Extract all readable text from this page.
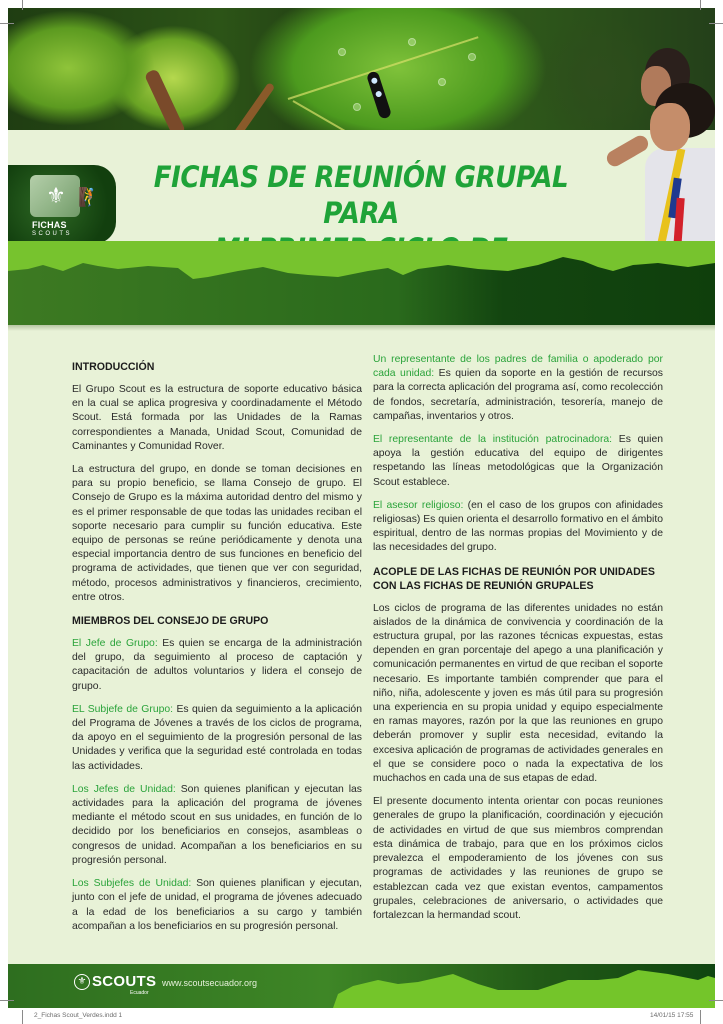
⚜ 🧗
FICHAS
SCOUTS
FICHAS DE REUNIÓN GRUPAL PARA
INTRODUCCIÓN

El Grupo Scout es la estructura de soporte educativo básica en la cual se aplica progresiva y coordinadamente el Método Scout. Está formada por las Unidades de la Ramas correspondientes a Manada, Unidad Scout, Comunidad de Caminantes y Comunidad Rover.

La estructura del grupo, en donde se toman decisiones en para su propio beneficio, se llama Consejo de grupo. El Consejo de Grupo es la máxima autoridad dentro del mismo y es el primer responsable de que todas las unidades reciban el soporte necesario para cumplir su función educativa. Este equipo de personas se reúne periódicamente y denota una especial importancia dentro de sus funciones en beneficio del programa de actividades, que tienen que ver con seguridad, método, procesos administrativos y financieros, crecimiento, entre otros.

MIEMBROS DEL CONSEJO DE GRUPO

El Jefe de Grupo: Es quien se encarga de la administración del grupo, da seguimiento al proceso de captación y capacitación de adultos voluntarios y lidera el consejo de grupo.

EL Subjefe de Grupo: Es quien da seguimiento a la aplicación del Programa de Jóvenes a través de los ciclos de programa, da apoyo en el seguimiento de la progresión personal de las Unidades y verifica que la seguridad esté controlada en todas las actividades.

Los Jefes de Unidad: Son quienes planifican y ejecutan las actividades para la aplicación del programa de jóvenes mediante el método scout en sus unidades, en función de lo decidido por los beneficiarios en consejos, asambleas o congresos de unidad. Acompañan a los beneficiarios en su progresión personal.

Los Subjefes de Unidad: Son quienes planifican y ejecutan, junto con el jefe de unidad, el programa de jóvenes adecuado a la edad de los beneficiarios a su cargo y también acompañan a los beneficiarios en su progresión personal.

Un representante de los padres de familia o apoderado por cada unidad: Es quien da soporte en la gestión de recursos para la correcta aplicación del programa así, como recolección de fondos, secretaría, administración, tesorería, manejo de campañas, inventarios y otros.

El representante de la institución patrocinadora: Es quien apoya la gestión educativa del equipo de dirigentes respetando las líneas metodológicas que la Organización Scout establece.

El asesor religioso: (en el caso de los grupos con afinidades religiosas) Es quien orienta el desarrollo formativo en el ámbito espiritual, dentro de las normas propias del Movimiento y de las necesidades del grupo.

ACOPLE DE LAS FICHAS DE REUNIÓN POR UNIDADES CON LAS FICHAS DE REUNIÓN GRUPALES

Los ciclos de programa de las diferentes unidades no están aislados de la dinámica de convivencia y coordinación de la estructura grupal, por las razones técnicas expuestas, estas dependen en gran porcentaje del apego a una planificación y comunicación permanentes en virtud de que reciban el soporte necesario. Es importante también comprender que para el niño, niña, adolescente y joven es más útil para su progresión una experiencia en su propia unidad y equipo especialmente en ramas mayores, razón por la que las reuniones en grupo deberán promover y suplir esta necesidad, evitando la excesiva aplicación de programas de actividades generales en el que se considere poco o nada la expectativa de los muchachos en cada una de sus etapas de edad.

El presente documento intenta orientar con pocas reuniones generales de grupo la planificación, coordinación y ejecución de actividades en virtud de que sus miembros comprendan esta dinámica de trabajo, para que en los próximos ciclos prevalezca el empoderamiento de los jóvenes con sus programas de actividades y las reuniones de grupo se establezcan cada vez que existan eventos, campamentos grupales, celebraciones de aniversario, o actividades que fortalezcan la hermandad scout.

⚜ SCOUTS
Ecuador
www.scoutsecuador.org
2_Fichas Scout_Verdes.indd 1	14/01/15 17:55
